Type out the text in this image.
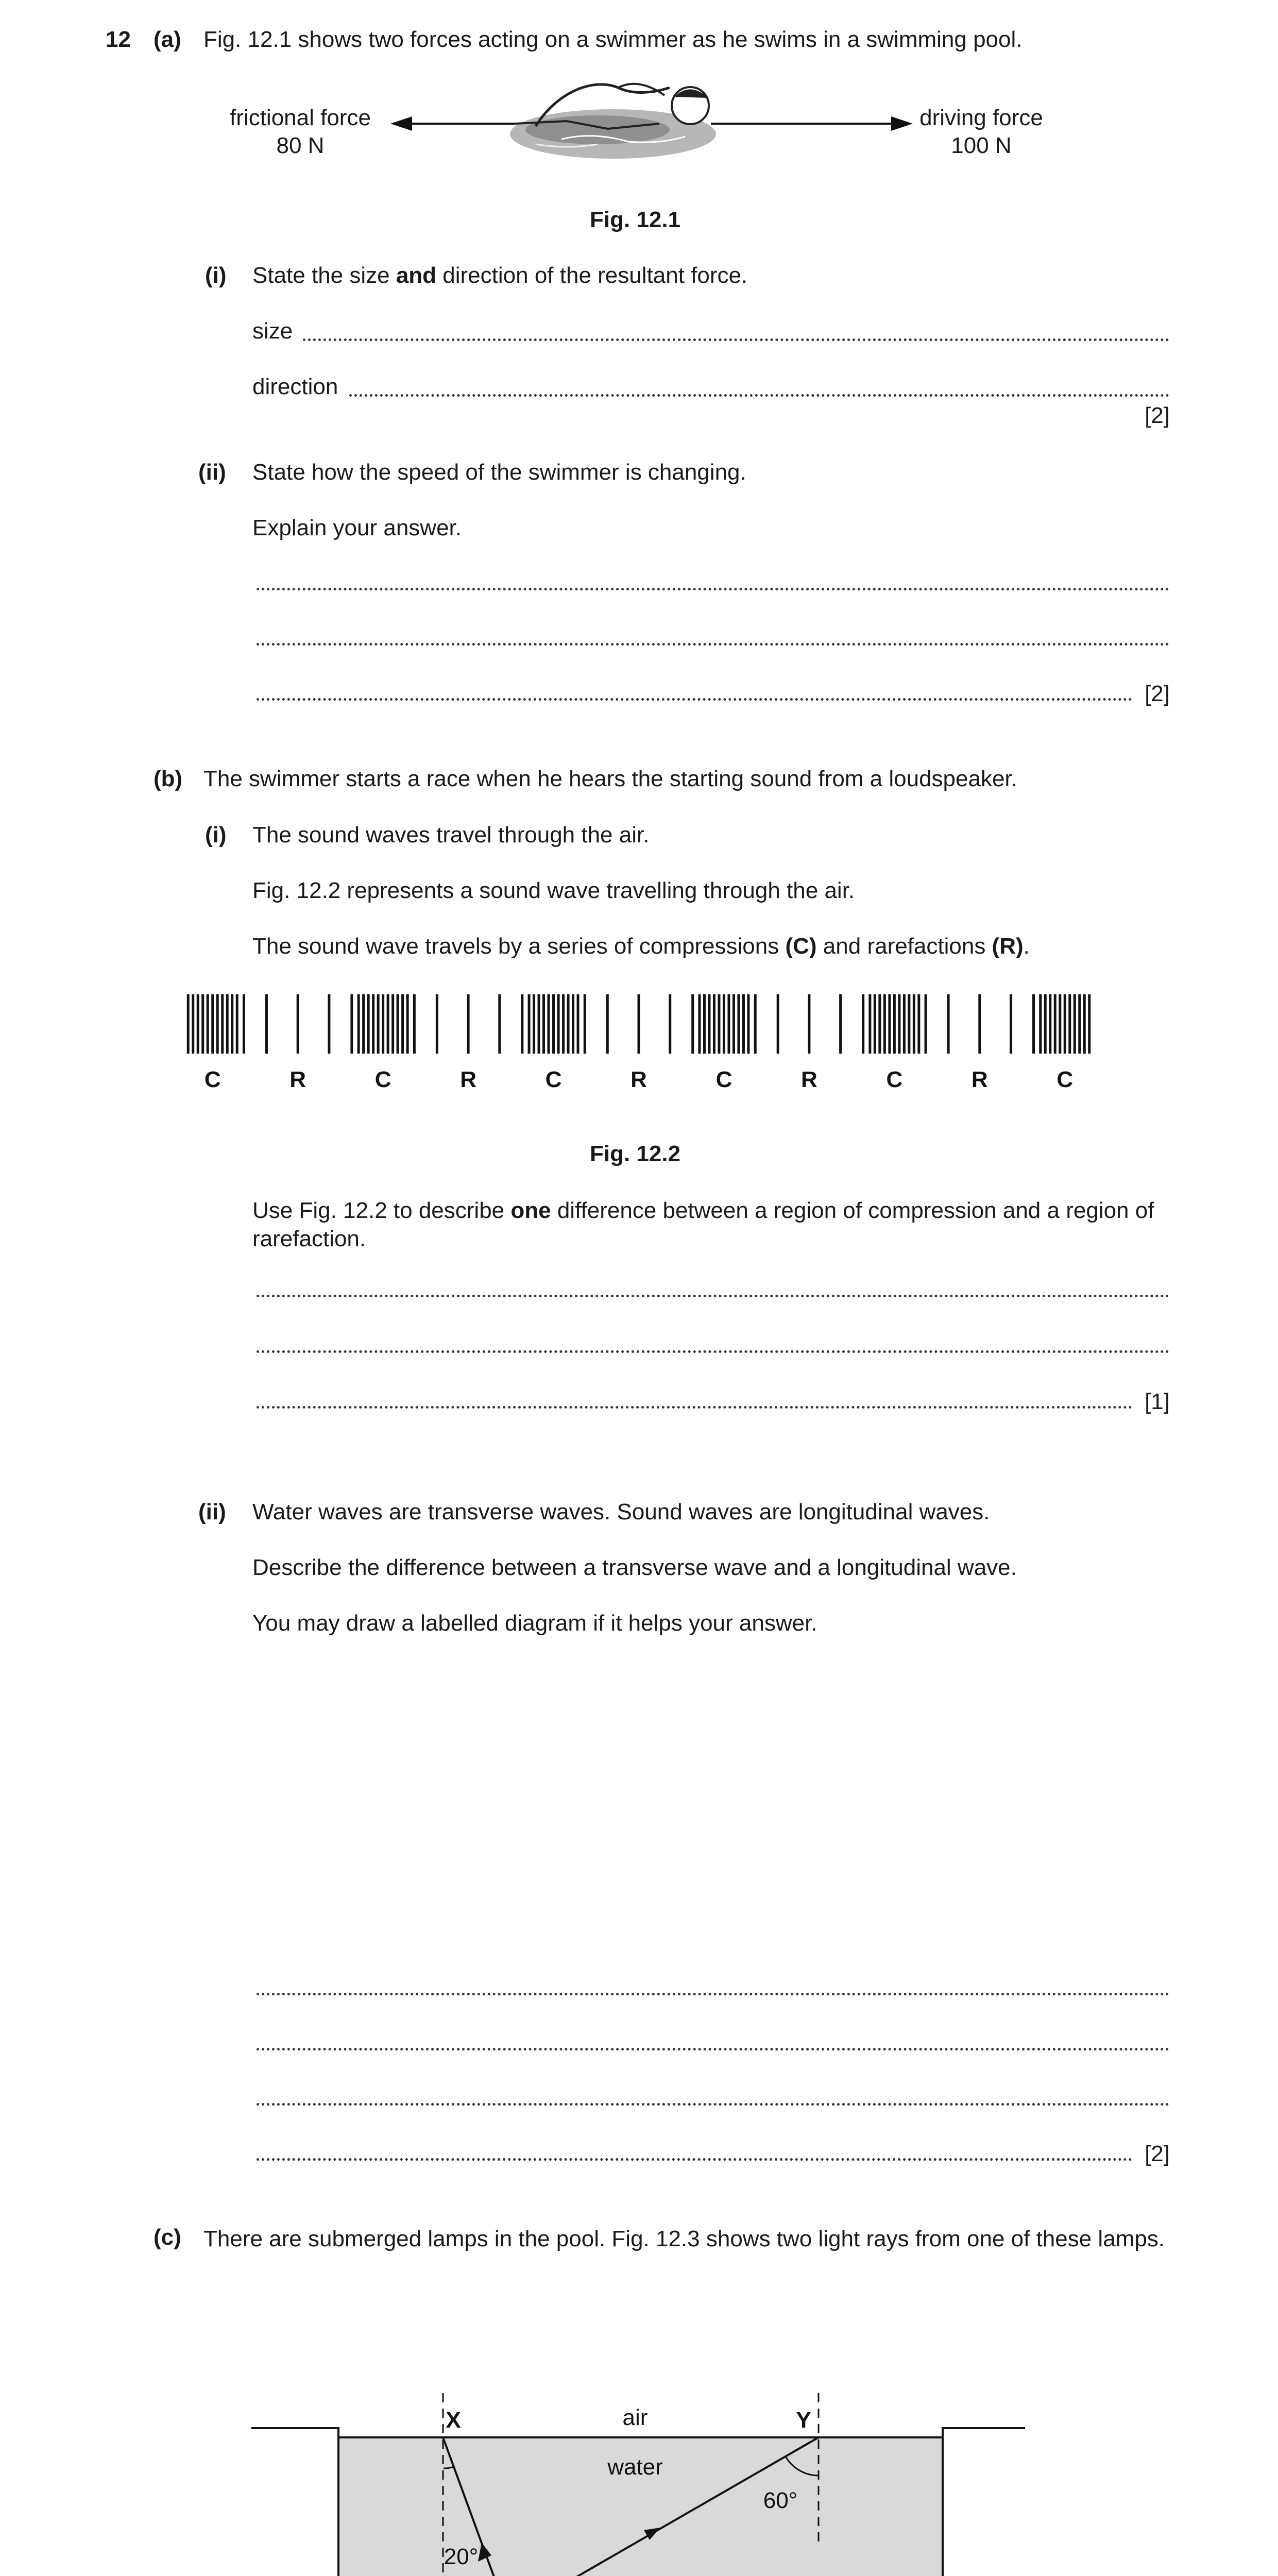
12 (a) Fig. 12.1 shows two forces acting on a swimmer as he swims in a swimming pool.
frictional force
80 N
driving force
100 N
Fig. 12.1
(i) State the size and direction of the resultant force.
size
direction
[2]
(ii) State how the speed of the swimmer is changing.
Explain your answer.
[2]
(b) The swimmer starts a race when he hears the starting sound from a loudspeaker.
(i) The sound waves travel through the air.
Fig. 12.2 represents a sound wave travelling through the air.
The sound wave travels by a series of compressions (C) and rarefactions (R).
C	R	C	R	C	R	C	R	C	R	C
Fig. 12.2
Use Fig. 12.2 to describe one difference between a region of compression and a region of rarefaction.
[1]
(ii) Water waves are transverse waves. Sound waves are longitudinal waves.
Describe the difference between a transverse wave and a longitudinal wave.
You may draw a labelled diagram if it helps your answer.
[2]
(c) There are submerged lamps in the pool. Fig. 12.3 shows two light rays from one of these lamps.
X	Y
air
water
60°
20°
